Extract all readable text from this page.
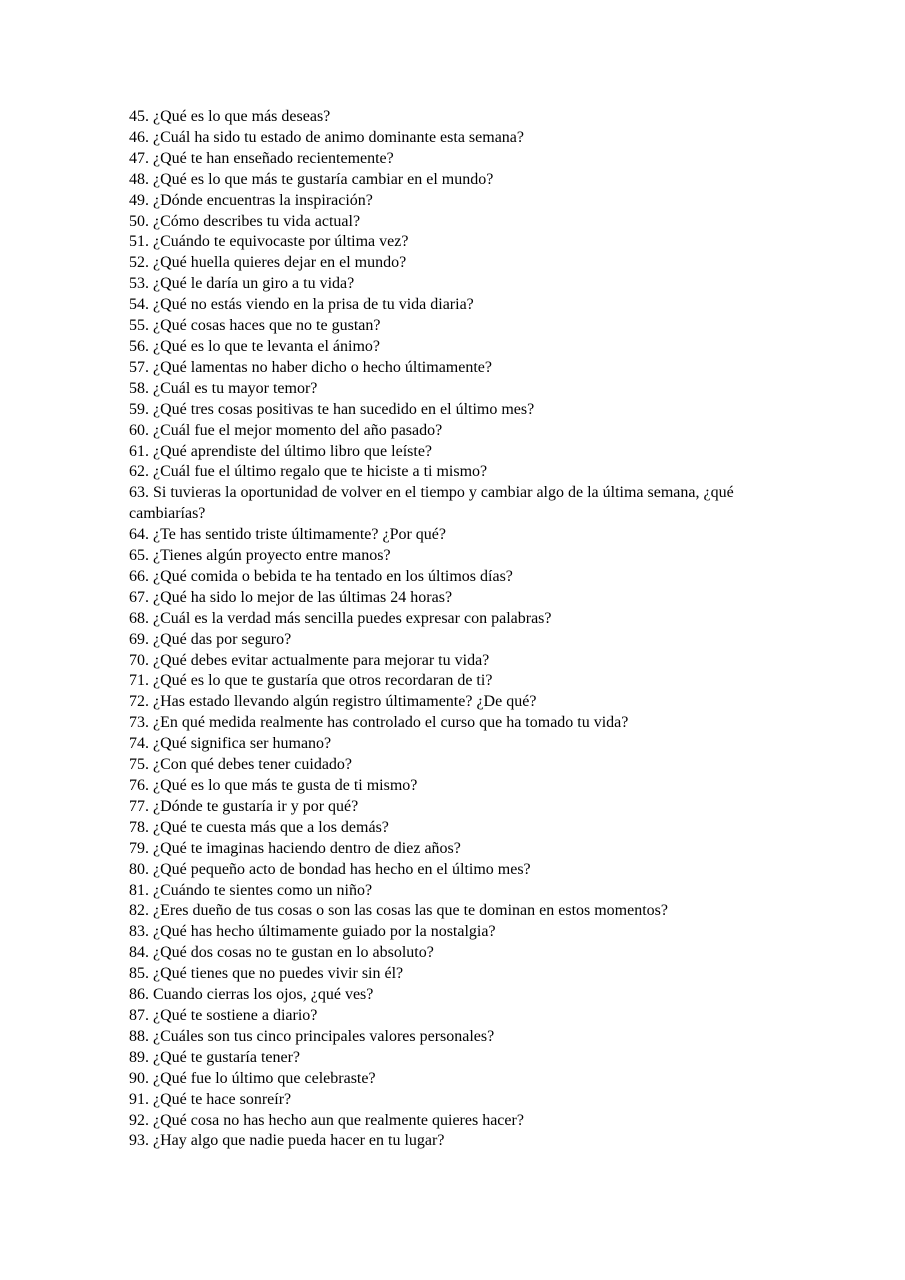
45. ¿Qué es lo que más deseas?
46. ¿Cuál ha sido tu estado de animo dominante esta semana?
47. ¿Qué te han enseñado recientemente?
48. ¿Qué es lo que más te gustaría cambiar en el mundo?
49. ¿Dónde encuentras la inspiración?
50. ¿Cómo describes tu vida actual?
51. ¿Cuándo te equivocaste por última vez?
52. ¿Qué huella quieres dejar en el mundo?
53. ¿Qué le daría un giro a tu vida?
54. ¿Qué no estás viendo en la prisa de tu vida diaria?
55. ¿Qué cosas haces que no te gustan?
56. ¿Qué es lo que te levanta el ánimo?
57. ¿Qué lamentas no haber dicho o hecho últimamente?
58. ¿Cuál es tu mayor temor?
59. ¿Qué tres cosas positivas te han sucedido en el último mes?
60. ¿Cuál fue el mejor momento del año pasado?
61. ¿Qué aprendiste del último libro que leíste?
62. ¿Cuál fue el último regalo que te hiciste a ti mismo?
63. Si tuvieras la oportunidad de volver en el tiempo y cambiar algo de la última semana, ¿qué cambiarías?
64. ¿Te has sentido triste últimamente? ¿Por qué?
65. ¿Tienes algún proyecto entre manos?
66. ¿Qué comida o bebida te ha tentado en los últimos días?
67. ¿Qué ha sido lo mejor de las últimas 24 horas?
68. ¿Cuál es la verdad más sencilla puedes expresar con palabras?
69. ¿Qué das por seguro?
70. ¿Qué debes evitar actualmente para mejorar tu vida?
71. ¿Qué es lo que te gustaría que otros recordaran de ti?
72. ¿Has estado llevando algún registro últimamente? ¿De qué?
73. ¿En qué medida realmente has controlado el curso que ha tomado tu vida?
74. ¿Qué significa ser humano?
75. ¿Con qué debes tener cuidado?
76. ¿Qué es lo que más te gusta de ti mismo?
77. ¿Dónde te gustaría ir y por qué?
78. ¿Qué te cuesta más que a los demás?
79. ¿Qué te imaginas haciendo dentro de diez años?
80. ¿Qué pequeño acto de bondad has hecho en el último mes?
81. ¿Cuándo te sientes como un niño?
82. ¿Eres dueño de tus cosas o son las cosas las que te dominan en estos momentos?
83. ¿Qué has hecho últimamente guiado por la nostalgia?
84. ¿Qué dos cosas no te gustan en lo absoluto?
85. ¿Qué tienes que no puedes vivir sin él?
86. Cuando cierras los ojos, ¿qué ves?
87. ¿Qué te sostiene a diario?
88. ¿Cuáles son tus cinco principales valores personales?
89. ¿Qué te gustaría tener?
90. ¿Qué fue lo último que celebraste?
91. ¿Qué te hace sonreír?
92. ¿Qué cosa no has hecho aun que realmente quieres hacer?
93. ¿Hay algo que nadie pueda hacer en tu lugar?
